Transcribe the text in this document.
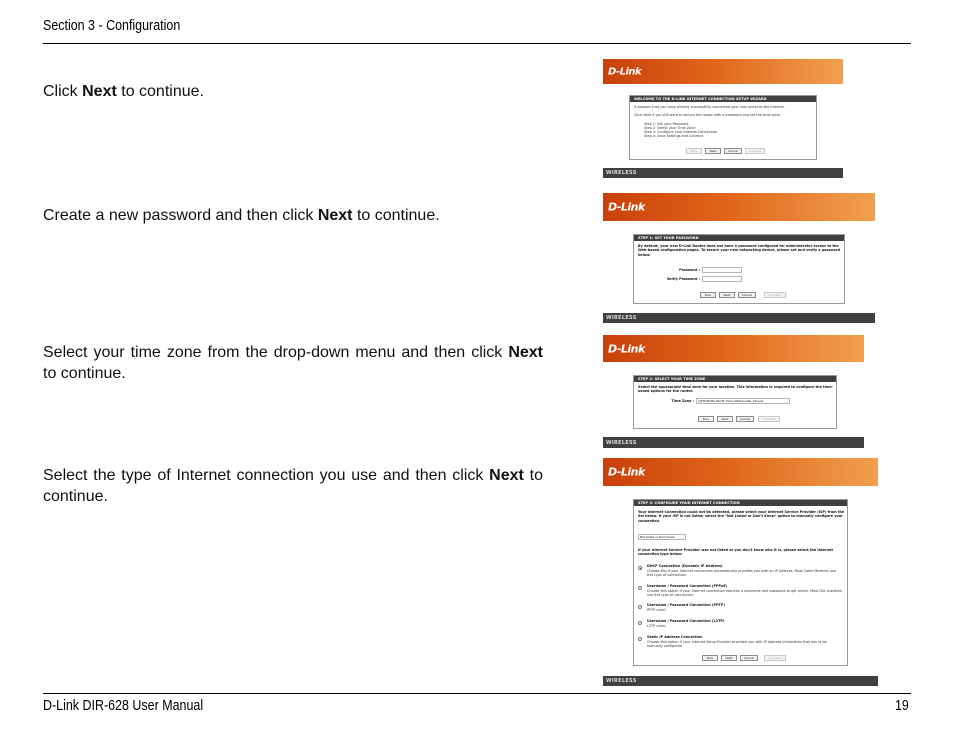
Section 3 - Configuration
Click Next to continue.
Create a new password and then click Next to continue.
Select your time zone from the drop-down menu and then click Next to continue.
Select the type of Internet connection you use and then click Next to continue.
D-Link
WELCOME TO THE D-LINK INTERNET CONNECTION SETUP WIZARD
It appears that you have already successfully connected your new router to the Internet.
Click Next if you still want to secure the router with a password and set the time zone.
Step 1: Set your Password
Step 2: Select your Time Zone
Step 3: Configure your Internet Connection
Step 4: Save Settings and Connect
Prev	Next	Cancel	Connect
WIRELESS
D-Link
STEP 1: SET YOUR PASSWORD
By default, your new D-Link Router does not have a password configured for administrator access to the Web-based configuration pages. To secure your new networking device, please set and verify a password below:
Password :
Verify Password :
Prev	Next	Cancel	Connect
WIRELESS
D-Link
STEP 2: SELECT YOUR TIME ZONE
Select the appropriate time zone for your location. This information is required to configure the time-based options for the router.
Time Zone :	(GMT-08:00) Pacific Time (US/Canada), Tijuana
Prev	Next	Cancel	Connect
WIRELESS
D-Link
STEP 3: CONFIGURE YOUR INTERNET CONNECTION
Your Internet Connection could not be detected, please select your Internet Service Provider (ISP) from the list below. If your ISP is not listed; select the "Not Listed or Don't Know" option to manually configure your connection.
Not Listed or Don't Know
If your Internet Service Provider was not listed or you don't know who it is, please select the Internet connection type below:
DHCP Connection (Dynamic IP Address)
Choose this if your Internet connection automatically provides you with an IP Address. Most Cable Modems use this type of connection.
Username / Password Connection (PPPoE)
Choose this option if your Internet connection requires a username and password to get online. Most DSL modems use this type of connection.
Username / Password Connection (PPTP)
PPTP client.
Username / Password Connection (L2TP)
L2TP client.
Static IP Address Connection
Choose this option if your Internet Setup Provider provided you with IP Address information that has to be manually configured.
Prev	Next	Cancel	Connect
WIRELESS
D-Link DIR-628 User Manual	19
